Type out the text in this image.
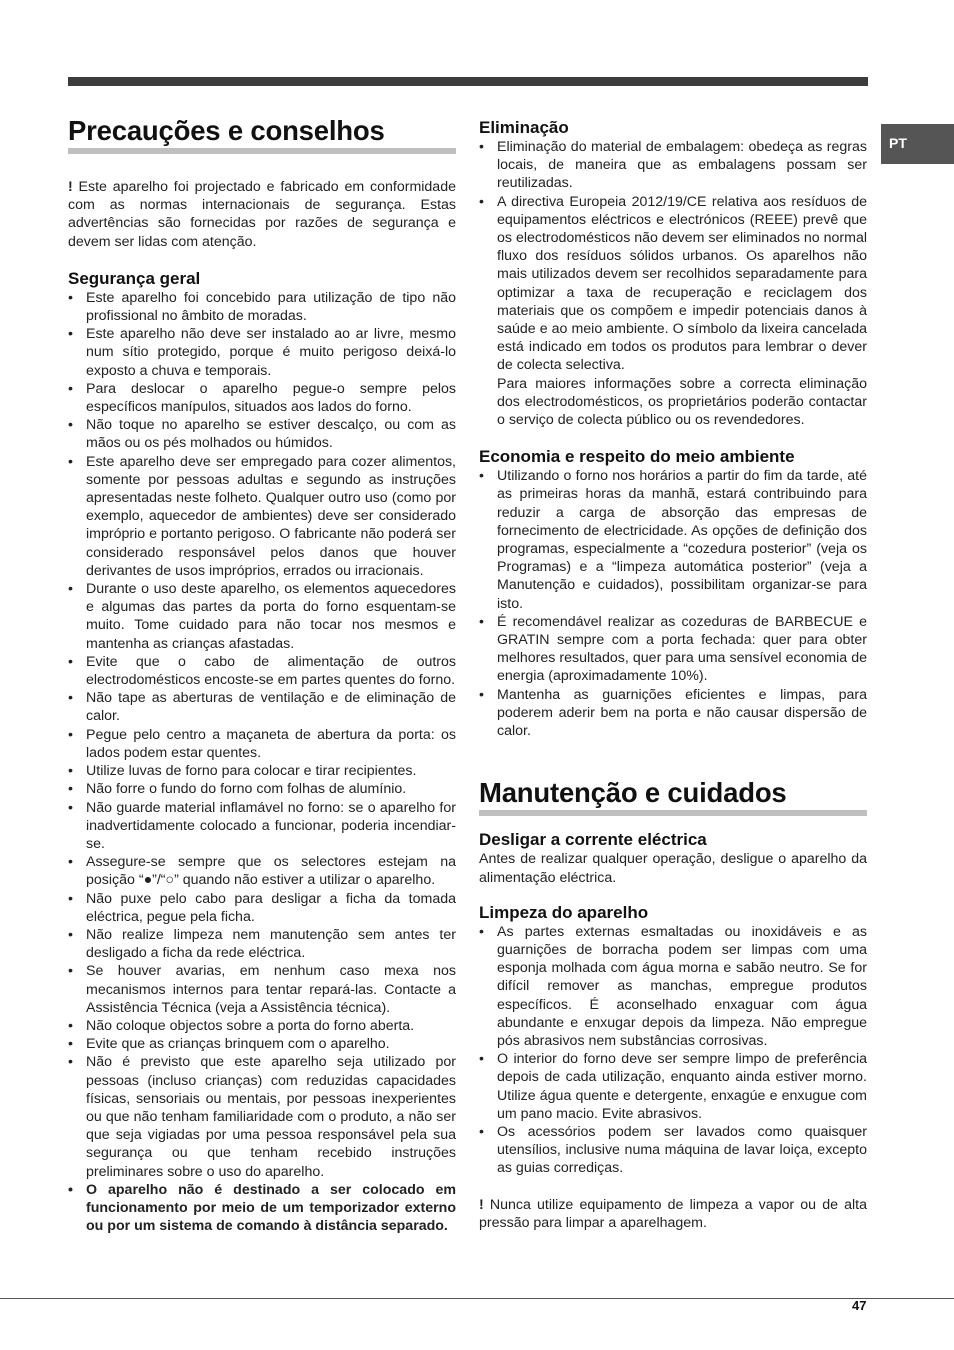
PT
Precauções e conselhos

! Este aparelho foi projectado e fabricado em conformidade com as normas internacionais de segurança. Estas advertências são fornecidas por razões de segurança e devem ser lidas com atenção.

Segurança geral
• Este aparelho foi concebido para utilização de tipo não profissional no âmbito de moradas.
• Este aparelho não deve ser instalado ao ar livre, mesmo num sítio protegido, porque é muito perigoso deixá-lo exposto a chuva e temporais.
• Para deslocar o aparelho pegue-o sempre pelos específicos manípulos, situados aos lados do forno.
• Não toque no aparelho se estiver descalço, ou com as mãos ou os pés molhados ou húmidos.
• Este aparelho deve ser empregado para cozer alimentos, somente por pessoas adultas e segundo as instruções apresentadas neste folheto. Qualquer outro uso (como por exemplo, aquecedor de ambientes) deve ser considerado impróprio e portanto perigoso. O fabricante não poderá ser considerado responsável pelos danos que houver derivantes de usos impróprios, errados ou irracionais.
• Durante o uso deste aparelho, os elementos aquecedores e algumas das partes da porta do forno esquentam-se muito. Tome cuidado para não tocar nos mesmos e mantenha as crianças afastadas.
• Evite que o cabo de alimentação de outros electrodomésticos encoste-se em partes quentes do forno.
• Não tape as aberturas de ventilação e de eliminação de calor.
• Pegue pelo centro a maçaneta de abertura da porta: os lados podem estar quentes.
• Utilize luvas de forno para colocar e tirar recipientes.
• Não forre o fundo do forno com folhas de alumínio.
• Não guarde material inflamável no forno: se o aparelho for inadvertidamente colocado a funcionar, poderia incendiar-se.
• Assegure-se sempre que os selectores estejam na posição “●”/“○” quando não estiver a utilizar o aparelho.
• Não puxe pelo cabo para desligar a ficha da tomada eléctrica, pegue pela ficha.
• Não realize limpeza nem manutenção sem antes ter desligado a ficha da rede eléctrica.
• Se houver avarias, em nenhum caso mexa nos mecanismos internos para tentar repará-las. Contacte a Assistência Técnica (veja a Assistência técnica).
• Não coloque objectos sobre a porta do forno aberta.
• Evite que as crianças brinquem com o aparelho.
• Não é previsto que este aparelho seja utilizado por pessoas (incluso crianças) com reduzidas capacidades físicas, sensoriais ou mentais, por pessoas inexperientes ou que não tenham familiaridade com o produto, a não ser que seja vigiadas por uma pessoa responsável pela sua segurança ou que tenham recebido instruções preliminares sobre o uso do aparelho.
• O aparelho não é destinado a ser colocado em funcionamento por meio de um temporizador externo ou por um sistema de comando à distância separado.
Eliminação
• Eliminação do material de embalagem: obedeça as regras locais, de maneira que as embalagens possam ser reutilizadas.
• A directiva Europeia 2012/19/CE relativa aos resíduos de equipamentos eléctricos e electrónicos (REEE) prevê que os electrodomésticos não devem ser eliminados no normal fluxo dos resíduos sólidos urbanos. Os aparelhos não mais utilizados devem ser recolhidos separadamente para optimizar a taxa de recuperação e reciclagem dos materiais que os compõem e impedir potenciais danos à saúde e ao meio ambiente. O símbolo da lixeira cancelada está indicado em todos os produtos para lembrar o dever de colecta selectiva.

Para maiores informações sobre a correcta eliminação dos electrodomésticos, os proprietários poderão contactar o serviço de colecta público ou os revendedores.

Economia e respeito do meio ambiente
• Utilizando o forno nos horários a partir do fim da tarde, até as primeiras horas da manhã, estará contribuindo para reduzir a carga de absorção das empresas de fornecimento de electricidade. As opções de definição dos programas, especialmente a “cozedura posterior” (veja os Programas) e a “limpeza automática posterior” (veja a Manutenção e cuidados), possibilitam organizar-se para isto.
• É recomendável realizar as cozeduras de BARBECUE e GRATIN sempre com a porta fechada: quer para obter melhores resultados, quer para uma sensível economia de energia (aproximadamente 10%).
• Mantenha as guarnições eficientes e limpas, para poderem aderir bem na porta e não causar dispersão de calor.
Manutenção e cuidados
Desligar a corrente eléctrica

Antes de realizar qualquer operação, desligue o aparelho da alimentação eléctrica.

Limpeza do aparelho
• As partes externas esmaltadas ou inoxidáveis e as guarnições de borracha podem ser limpas com uma esponja molhada com água morna e sabão neutro. Se for difícil remover as manchas, empregue produtos específicos. É aconselhado enxaguar com água abundante e enxugar depois da limpeza. Não empregue pós abrasivos nem substâncias corrosivas.
• O interior do forno deve ser sempre limpo de preferência depois de cada utilização, enquanto ainda estiver morno. Utilize água quente e detergente, enxagúe e enxugue com um pano macio. Evite abrasivos.
• Os acessórios podem ser lavados como quaisquer utensílios, inclusive numa máquina de lavar loiça, excepto as guias corrediças.

! Nunca utilize equipamento de limpeza a vapor ou de alta pressão para limpar a aparelhagem.

47
